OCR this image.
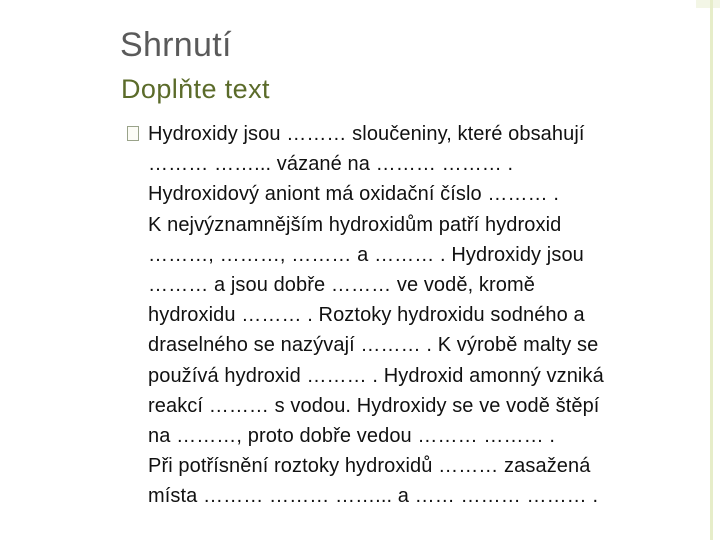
Shrnutí
Doplňte text
Hydroxidy jsou ……… sloučeniny, které obsahují
……… ……... vázané na ……… ……… .
Hydroxidový aniont má oxidační číslo ……… .
K nejvýznamnějším hydroxidům patří hydroxid
………, ………, ……… a ……… . Hydroxidy jsou
……… a jsou dobře ……… ve vodě, kromě
hydroxidu ……… . Roztoky hydroxidu sodného a
draselného se nazývají ……… . K výrobě malty se
používá hydroxid ……… . Hydroxid amonný vzniká
reakcí ……… s vodou. Hydroxidy se ve vodě štěpí
na ………, proto dobře vedou ……… ……… .
Při potřísnění roztoky hydroxidů ……… zasažená
místa ……… ……… ……... a …… ……… ……… .
